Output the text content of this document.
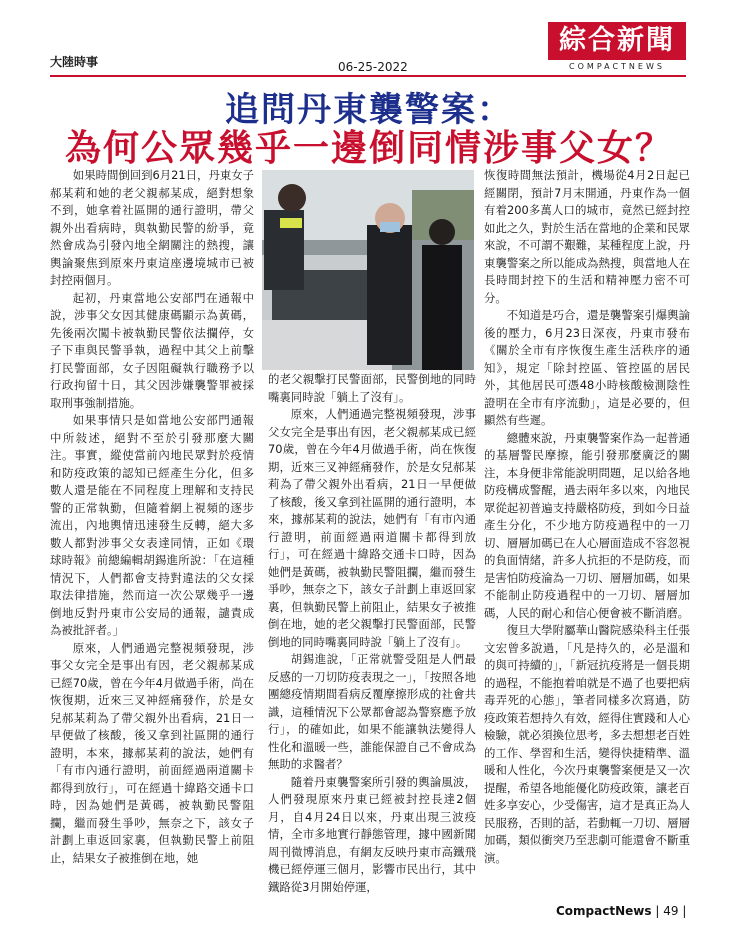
大陸時事	06-25-2022
綜合新聞
COMPACTNEWS
追問丹東襲警案：
為何公眾幾乎一邊倒同情涉事父女？

如果時間倒回到6月21日，丹東女子郝某莉和她的老父親郝某成，絕對想象不到，她拿着社區開的通行證明，帶父親外出看病時，與執勤民警的紛爭，竟然會成為引發內地全網關注的熱搜，讓輿論聚焦到原來丹東這座邊境城市已被封控兩個月。

起初，丹東當地公安部門在通報中說，涉事父女因其健康碼顯示為黃碼，先後兩次闖卡被執勤民警依法攔停，女子下車與民警爭執，過程中其父上前擊打民警面部，女子因阻礙執行職務予以行政拘留十日，其父因涉嫌襲警罪被採取刑事強制措施。

如果事情只是如當地公安部門通報中所敍述，絕對不至於引發那麼大關注。事實，縱使當前內地民眾對於疫情和防疫政策的認知已經產生分化，但多數人還是能在不同程度上理解和支持民警的正常執勤，但隨着網上視頻的逐步流出，內地輿情迅速發生反轉，絕大多數人都對涉事父女表達同情，正如《環球時報》前總編輯胡錫進所說：「在這種情況下，人們都會支持對違法的父女採取法律措施，然而這一次公眾幾乎一邊倒地反對丹東市公安局的通報，譴責成為被批評者。」

原來，人們通過完整視頻發現，涉事父女完全是事出有因，老父親郝某成已經70歲，曾在今年4月做過手術，尚在恢復期，近來三叉神經痛發作，於是女兒郝某莉為了帶父親外出看病，21日一早便做了核酸，後又拿到社區開的通行證明，本來，據郝某莉的說法，她們有「有市內通行證明，前面經過兩道關卡都得到放行」，可在經過十緯路交通卡口時，因為她們是黃碼，被執勤民警阻攔，繼而發生爭吵，無奈之下，該女子計劃上車返回家裏，但執勤民警上前阻止，結果女子被推倒在地，她

的老父親擊打民警面部，民警倒地的同時嘴裏同時說「躺上了沒有」。

原來，人們通過完整視頻發現，涉事父女完全是事出有因，老父親郝某成已經70歲，曾在今年4月做過手術，尚在恢復期，近來三叉神經痛發作，於是女兒郝某莉為了帶父親外出看病，21日一早便做了核酸，後又拿到社區開的通行證明，本來，據郝某莉的說法，她們有「有市內通行證明，前面經過兩道關卡都得到放行」，可在經過十緯路交通卡口時，因為她們是黃碼，被執勤民警阻攔，繼而發生爭吵，無奈之下，該女子計劃上車返回家裏，但執勤民警上前阻止，結果女子被推倒在地，她的老父親擊打民警面部，民警倒地的同時嘴裏同時說「躺上了沒有」。

胡錫進說，「正常就警受阻是人們最反感的一刀切防疫表現之一」，「按照各地團總疫情期間看病反覆摩擦形成的社會共識，這種情況下公眾都會認為警察應予放行」，的確如此，如果不能讓執法變得人性化和溫暖一些，誰能保證自己不會成為無助的求醫者？

隨着丹東襲警案所引發的輿論風波，人們發現原來丹東已經被封控長達2個月，自4月24日以來，丹東出現三波疫情，全市多地實行靜態管理，據中國新聞周刊微博消息，有網友反映丹東市高鐵飛機已經停運三個月，影響市民出行，其中鐵路從3月開始停運，

恢復時間無法預計，機場從4月2日起已經關閉，預計7月末開通，丹東作為一個有着200多萬人口的城市，竟然已經封控如此之久，對於生活在當地的企業和民眾來說，不可謂不艱難，某種程度上說，丹東襲警案之所以能成為熱搜，與當地人在長時間封控下的生活和精神壓力密不可分。

不知道是巧合，還是襲警案引爆輿論後的壓力，6月23日深夜，丹東市發布《關於全市有序恢復生產生活秩序的通知》，規定「除封控區、管控區的居民外，其他居民可憑48小時核酸檢測陰性證明在全市有序流動」，這是必要的，但顯然有些遲。

總體來說，丹東襲警案作為一起普通的基層警民摩擦，能引發那麼廣泛的關注，本身便非常能說明問題，足以給各地防疫構成警醒，過去兩年多以來，內地民眾從起初普遍支持嚴格防疫，到如今日益產生分化，不少地方防疫過程中的一刀切、層層加碼已在人心層面造成不容忽視的負面情緒，許多人抗拒的不是防疫，而是害怕防疫淪為一刀切、層層加碼，如果不能制止防疫過程中的一刀切、層層加碼，人民的耐心和信心便會被不斷消磨。

復旦大學附屬華山醫院感染科主任張文宏曾多說過，「凡是持久的，必是溫和的與可持續的」，「新冠抗疫將是一個長期的過程，不能抱着咱就是不過了也要把病毒弄死的心態」，筆者同樣多次寫過，防疫政策若想持久有效，經得住實踐和人心檢驗，就必須換位思考，多去想想老百姓的工作、學習和生活，變得快捷精準、溫暖和人性化，今次丹東襲警案便是又一次提醒，希望各地能優化防疫政策，讓老百姓多享安心，少受傷害，這才是真正為人民服務，否則的話，若動輒一刀切、層層加碼，類似衝突乃至悲劇可能還會不斷重演。

CompactNews | 49 |
